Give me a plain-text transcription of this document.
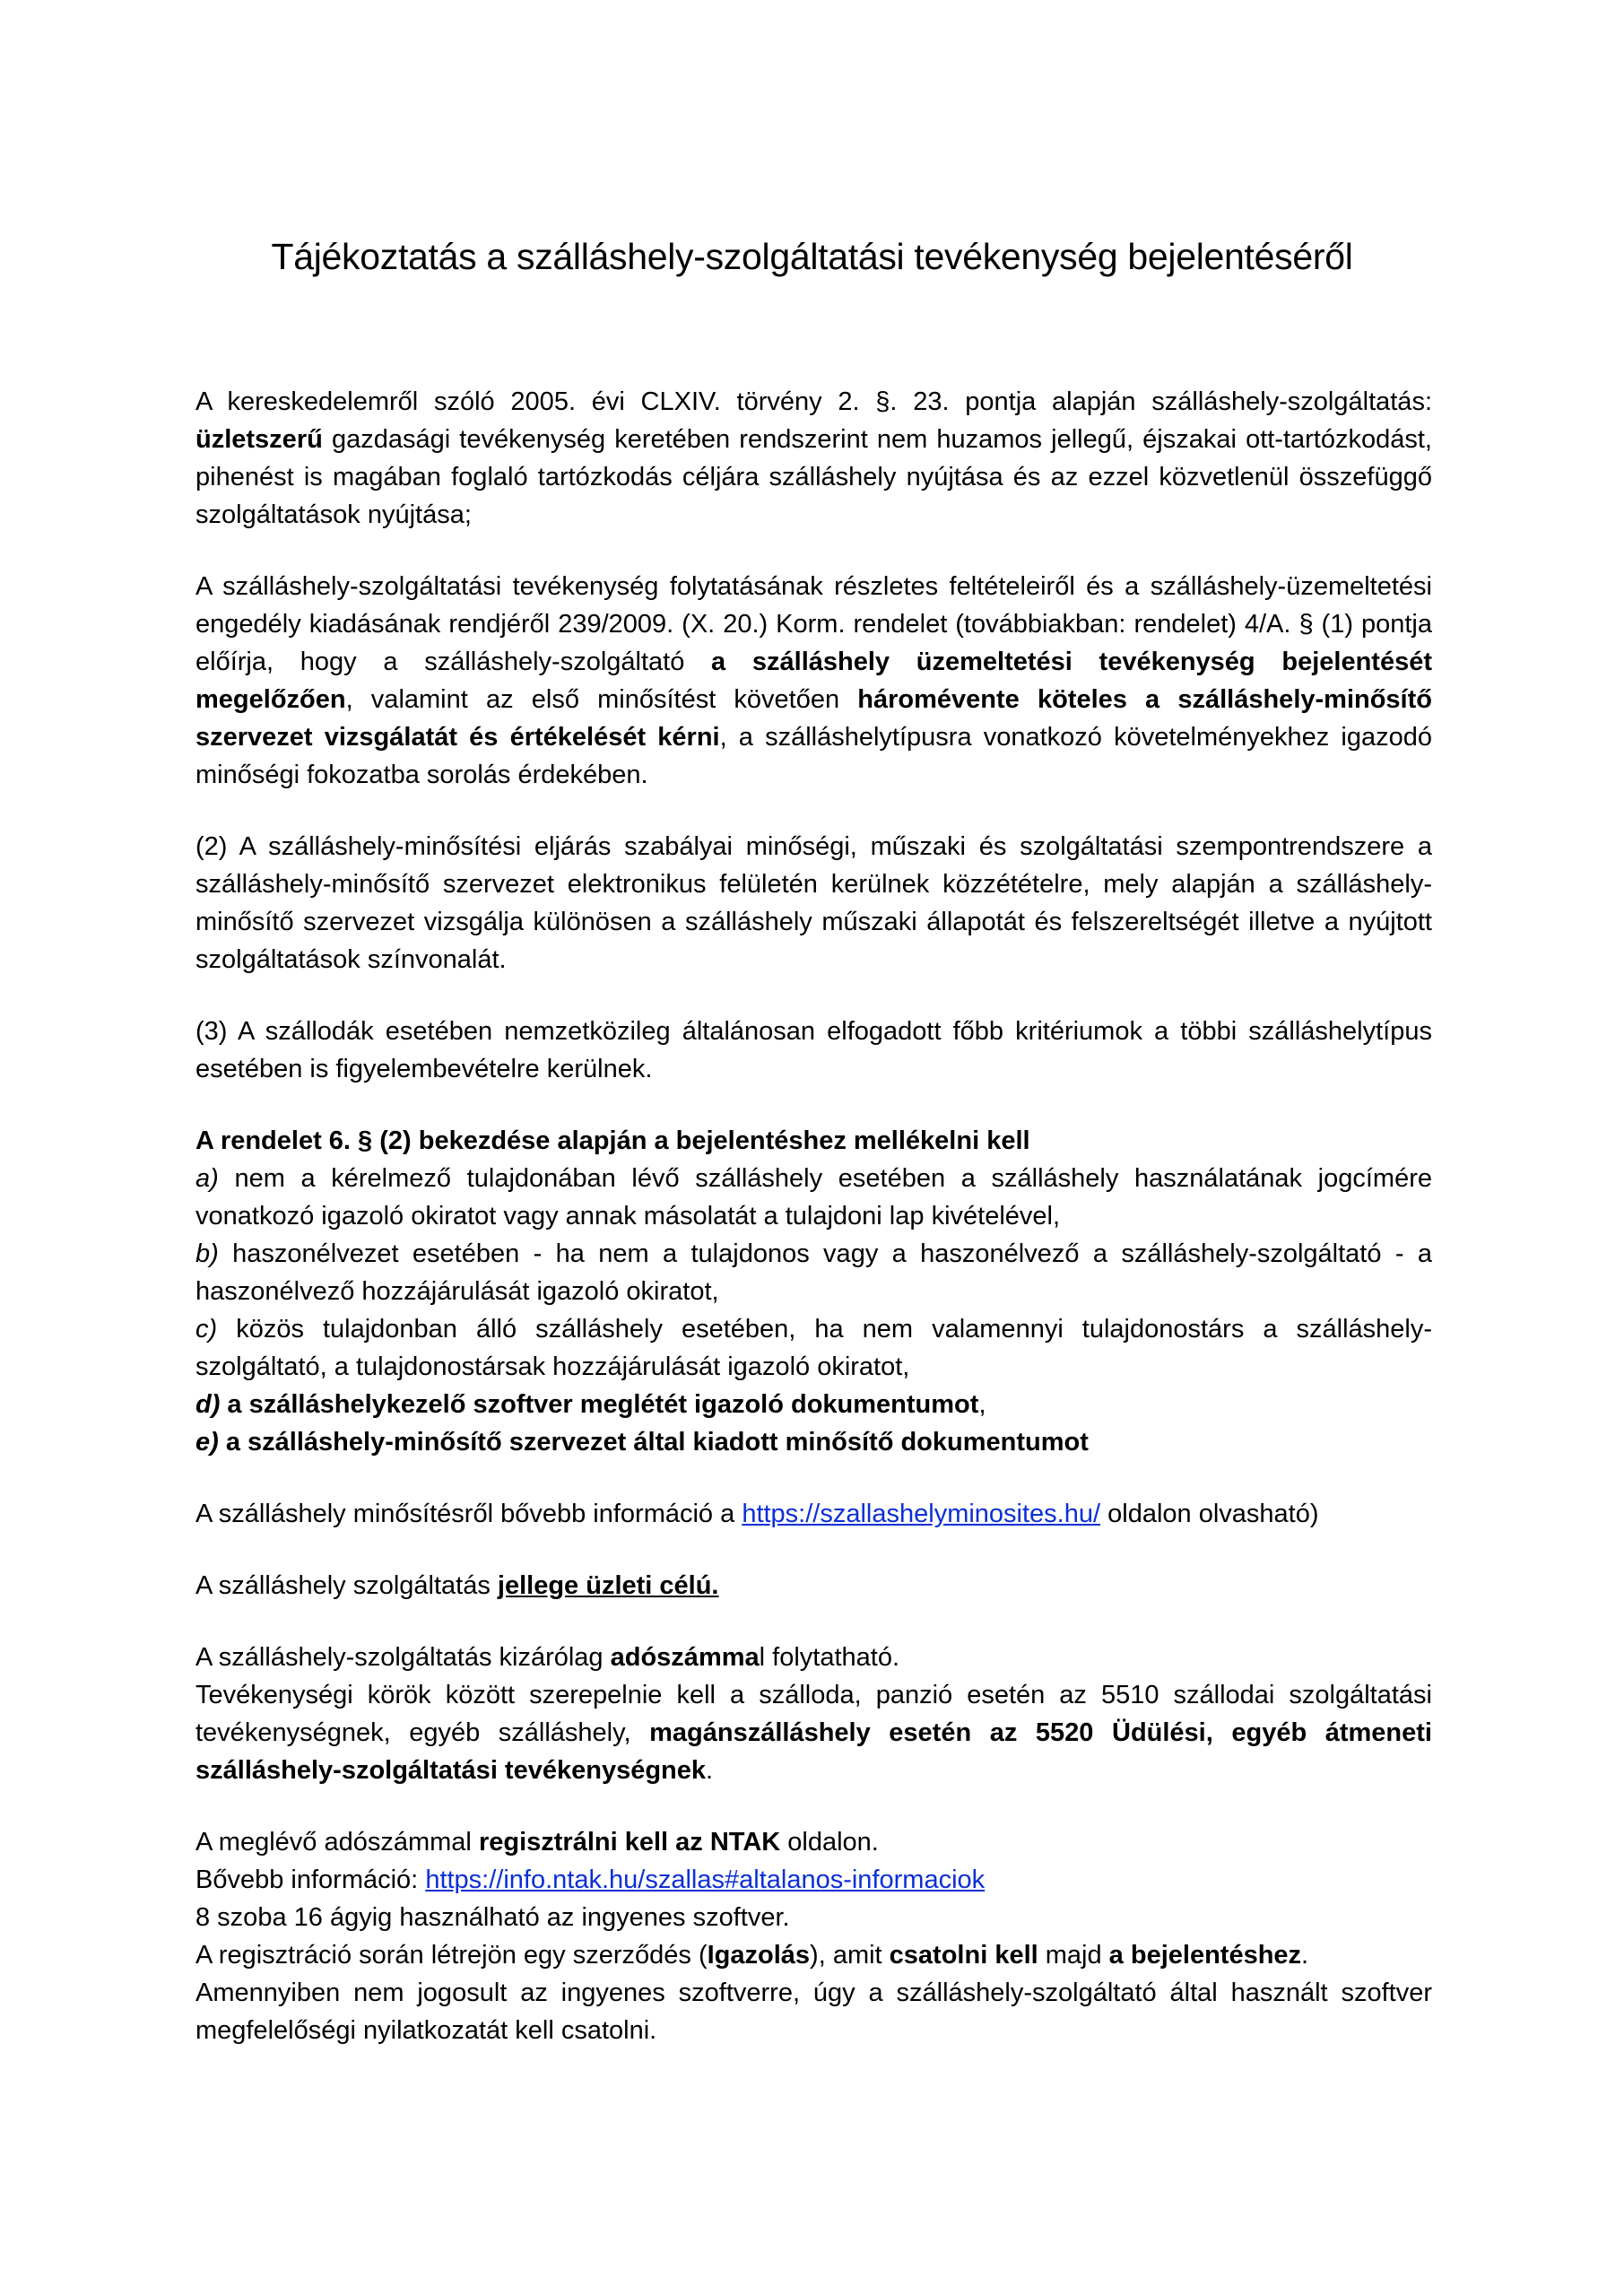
Tájékoztatás a szálláshely-szolgáltatási tevékenység bejelentéséről

A kereskedelemről szóló 2005. évi CLXIV. törvény 2. §. 23. pontja alapján szálláshely-szolgáltatás: üzletszerű gazdasági tevékenység keretében rendszerint nem huzamos jellegű, éjszakai ott-tartózkodást, pihenést is magában foglaló tartózkodás céljára szálláshely nyújtása és az ezzel közvetlenül összefüggő szolgáltatások nyújtása;

A szálláshely-szolgáltatási tevékenység folytatásának részletes feltételeiről és a szálláshely-üzemeltetési engedély kiadásának rendjéről 239/2009. (X. 20.) Korm. rendelet (továbbiakban: rendelet) 4/A. § (1) pontja előírja, hogy a szálláshely-szolgáltató a szálláshely üzemeltetési tevékenység bejelentését megelőzően, valamint az első minősítést követően háromévente köteles a szálláshely-minősítő szervezet vizsgálatát és értékelését kérni, a szálláshelytípusra vonatkozó követelményekhez igazodó minőségi fokozatba sorolás érdekében.

(2) A szálláshely-minősítési eljárás szabályai minőségi, műszaki és szolgáltatási szempontrendszere a szálláshely-minősítő szervezet elektronikus felületén kerülnek közzétételre, mely alapján a szálláshely-minősítő szervezet vizsgálja különösen a szálláshely műszaki állapotát és felszereltségét illetve a nyújtott szolgáltatások színvonalát.

(3) A szállodák esetében nemzetközileg általánosan elfogadott főbb kritériumok a többi szálláshelytípus esetében is figyelembevételre kerülnek.

A rendelet 6. § (2) bekezdése alapján a bejelentéshez mellékelni kell

a) nem a kérelmező tulajdonában lévő szálláshely esetében a szálláshely használatának jogcímére vonatkozó igazoló okiratot vagy annak másolatát a tulajdoni lap kivételével,

b) haszonélvezet esetében - ha nem a tulajdonos vagy a haszonélvező a szálláshely-szolgáltató - a haszonélvező hozzájárulását igazoló okiratot,

c) közös tulajdonban álló szálláshely esetében, ha nem valamennyi tulajdonostárs a szálláshely-szolgáltató, a tulajdonostársak hozzájárulását igazoló okiratot,

d) a szálláshelykezelő szoftver meglétét igazoló dokumentumot,

e) a szálláshely-minősítő szervezet által kiadott minősítő dokumentumot

A szálláshely minősítésről bővebb információ a https://szallashelyminosites.hu/ oldalon olvasható)

A szálláshely szolgáltatás jellege üzleti célú.

A szálláshely-szolgáltatás kizárólag adószámmal folytatható.

Tevékenységi körök között szerepelnie kell a szálloda, panzió esetén az 5510 szállodai szolgáltatási tevékenységnek, egyéb szálláshely, magánszálláshely esetén az 5520 Üdülési, egyéb átmeneti szálláshely-szolgáltatási tevékenységnek.

A meglévő adószámmal regisztrálni kell az NTAK oldalon.

Bővebb információ: https://info.ntak.hu/szallas#altalanos-informaciok

8 szoba 16 ágyig használható az ingyenes szoftver.

A regisztráció során létrejön egy szerződés (Igazolás), amit csatolni kell majd a bejelentéshez.

Amennyiben nem jogosult az ingyenes szoftverre, úgy a szálláshely-szolgáltató által használt szoftver megfelelőségi nyilatkozatát kell csatolni.
